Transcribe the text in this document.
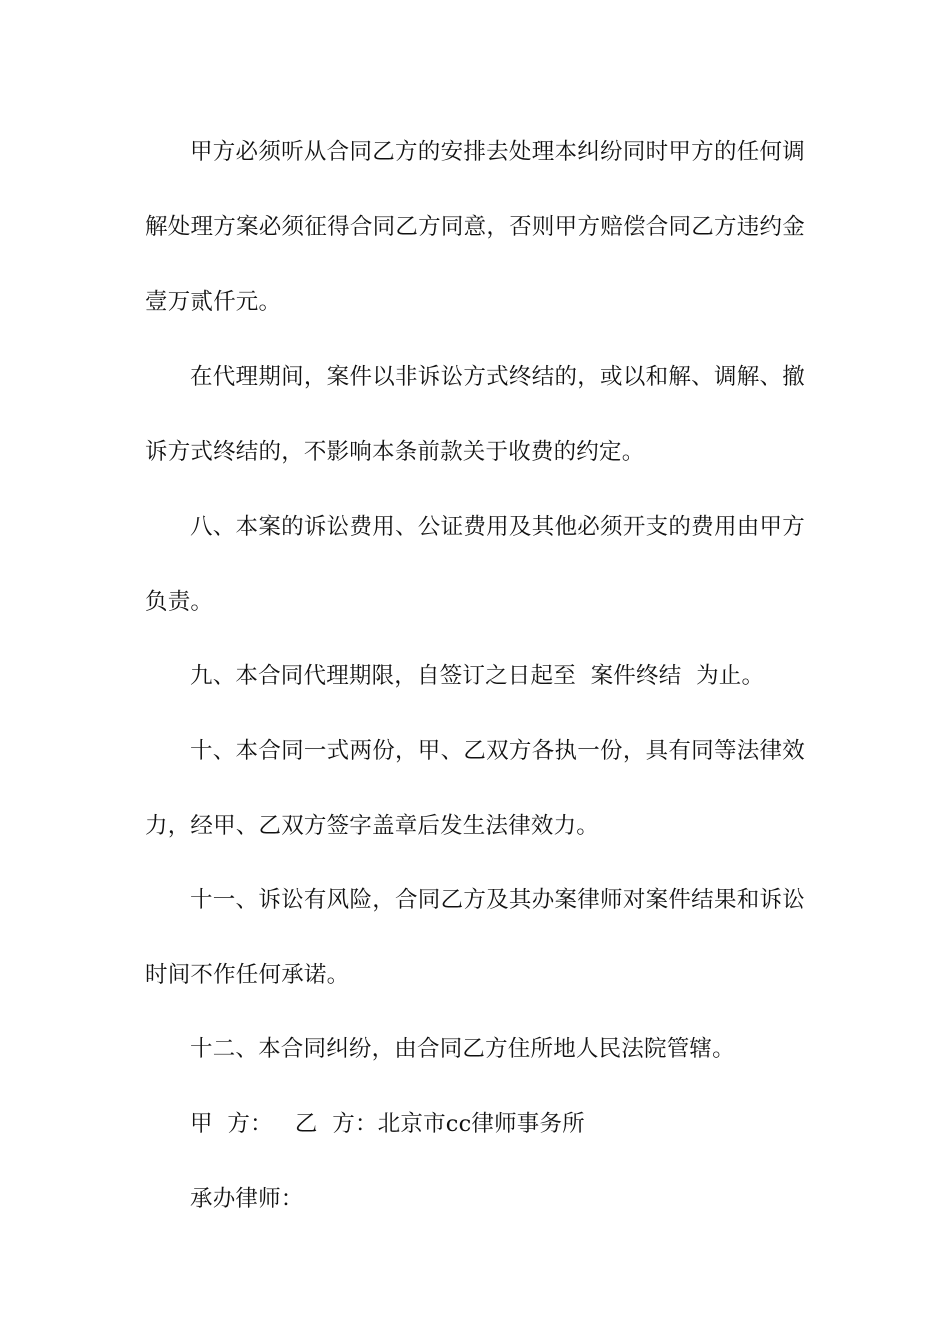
甲方必须听从合同乙方的安排去处理本纠纷同时甲方的任何调
解处理方案必须征得合同乙方同意，否则甲方赔偿合同乙方违约金
壹万贰仟元。
在代理期间，案件以非诉讼方式终结的，或以和解、调解、撤
诉方式终结的，不影响本条前款关于收费的约定。
八、本案的诉讼费用、公证费用及其他必须开支的费用由甲方
负责。
九、本合同代理期限，自签订之日起至  案件终结  为止。
十、本合同一式两份，甲、乙双方各执一份，具有同等法律效
力，经甲、乙双方签字盖章后发生法律效力。
十一、诉讼有风险，合同乙方及其办案律师对案件结果和诉讼
时间不作任何承诺。
十二、本合同纠纷，由合同乙方住所地人民法院管辖。
甲  方：   乙  方：北京市cc律师事务所
承办律师：
